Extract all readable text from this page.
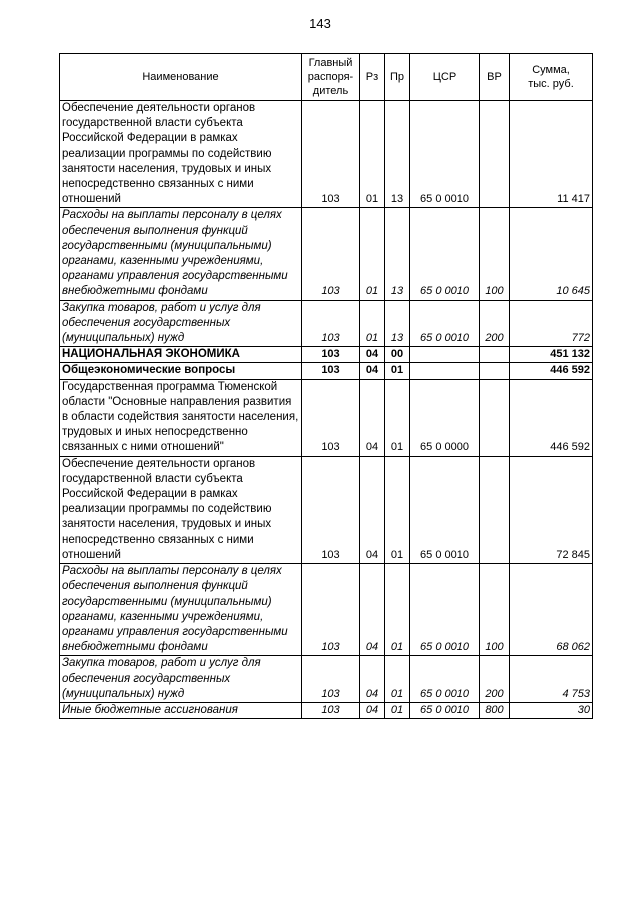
143
Наименование	Главный
распоря-
дитель	Рз	Пр	ЦСР	ВР	Сумма,
тыс. руб.
Обеспечение деятельности органов государственной власти субъекта Российской Федерации в рамках реализации программы по содействию занятости населения, трудовых и иных непосредственно связанных с ними отношений	103	01	13	65 0 0010		11 417
Расходы на выплаты персоналу в целях обеспечения выполнения функций государственными (муниципальными) органами, казенными учреждениями, органами управления государственными внебюджетными фондами	103	01	13	65 0 0010	100	10 645
Закупка товаров, работ и услуг для обеспечения государственных (муниципальных) нужд	103	01	13	65 0 0010	200	772
НАЦИОНАЛЬНАЯ ЭКОНОМИКА	103	04	00			451 132
Общеэкономические вопросы	103	04	01			446 592
Государственная программа Тюменской области "Основные направления развития в области содействия занятости населения, трудовых и иных непосредственно связанных с ними отношений"	103	04	01	65 0 0000		446 592
Обеспечение деятельности органов государственной власти субъекта Российской Федерации в рамках реализации программы по содействию занятости населения, трудовых и иных непосредственно связанных с ними отношений	103	04	01	65 0 0010		72 845
Расходы на выплаты персоналу в целях обеспечения выполнения функций государственными (муниципальными) органами, казенными учреждениями, органами управления государственными внебюджетными фондами	103	04	01	65 0 0010	100	68 062
Закупка товаров, работ и услуг для обеспечения государственных (муниципальных) нужд	103	04	01	65 0 0010	200	4 753
Иные бюджетные ассигнования	103	04	01	65 0 0010	800	30
